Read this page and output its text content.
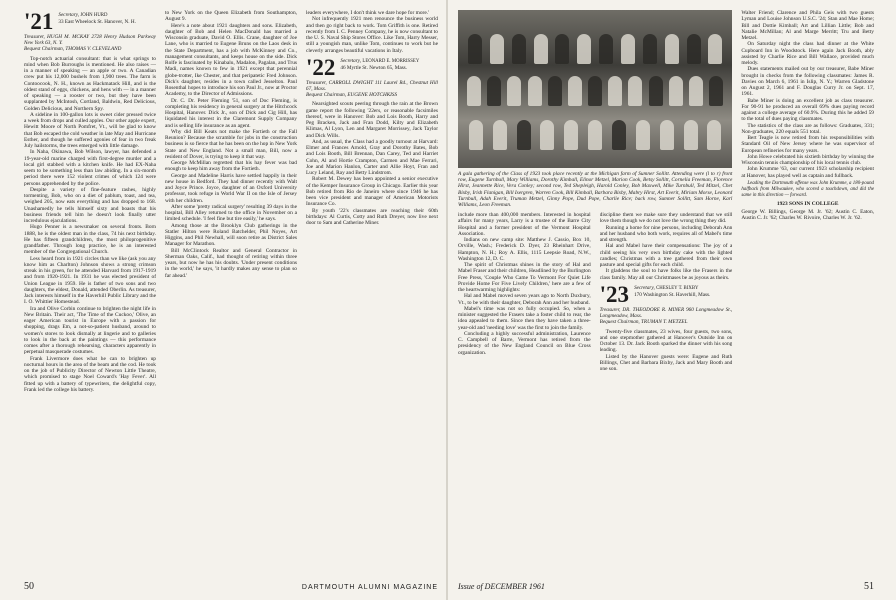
'21 Secretary, JOHN HURD
33 East Wheelock St. Hanover, N. H.
Treasurer, HUGH M. MCKAY 2728 Henry Hudson Parkway New York 63, N. Y.
Bequest Chairman, THOMAS V. CLEVELAND

Top-notch actuarial consultant: that is what springs to mind when Bob Burroughs is mentioned. He also raises — in a manner of speaking — an apple or two. A Canadian crew put his 12,000 bushels from 1,900 trees. The farm is Contoocook, N. H., known as Hackmatack Hill, and is the oldest stand of eggs, chickens, and hens with — in a manner of speaking — a rooster or two, but they have been supplanted by McIntosh, Cortland, Baldwin, Red Delicious, Golden Delicious, and Northern Spy.

A sideline in 100-gallon lots is sweet cider pressed twice a week from drops and culled apples. Our other apple expert, Hewitt Moore of North Pomfret, Vt., will be glad to know that Bob escaped the cold weather in late May and Hurricane Esther, and though he suffered agonies of fear in two freak July hailstorms, the trees emerged with little damage.

In Naha, Okinawa, Bob Wilson, lawyer, has defended a 19-year-old marine charged with first-degree murder and a local girl stabbed with a kitchen knife. He had EX-Naha seem to be something less than law abiding. In a six-month period there were 152 violent crimes of which 124 were persons apprehended by the police.

Despite a variety of fine-feature rashes, highly tormenting, Bob, who on a diet of pablum, toast, and tea, weighed 205, now eats everything and has dropped to 168. Unashamedly he tells himself sixty and boasts that his business friends tell him he doesn't look finally utter incredulous ejaculations.

Hugo Penner is a newsmaker on several fronts. Born 1888, he is the oldest man in the class, 74 his next birthday. He has fifteen grandchildren, the most philoprogenitive grandfather. Through long practice, he is an interested member of the Congregational Church.

Less heard from in 1921 circles than we like (ask you any know him as Charlton) Johnson shows a strong crimson streak in his green, for he attended Harvard from 1917-1919 and from 1920-1921. In 1931 he was elected president of Union League in 1959. He is father of two sons and two daughters, the eldest, Donald, attended Oberlin. As treasurer, Jack interests himself in the Haverhill Public Library and the I. O. Whittier Homestead.

Ira and Olive Corbin continue to brighten the night life in New Britain. Their act, 'The Time of the Cuckoo,' Olive, an eager American tourist in Europe with a passion for shopping, drags Em, a not-so-patient husband, around to women's stores to look dismally at lingerie and to galleries to look in the back at the paintings — this performance comes after a thorough rehearsing, characters apparently in perpetual masquerade costumes.

Frank Livermore does what he can to brighten up nocturnal hours in the area of the beam and the cod. He took on the job of Publicity Director of Newton Little Theatre, which promised to stage Noel Coward's 'Hay Fever'. All fitted up with a battery of typewriters, the delightful copy, Frank led the college his battery.

to New York on the Queen Elizabeth from Southampton, August 9.

Here's a note about 1921 daughters and sons. Elizabeth, daughter of Bob and Helen MacDonald has married a Wisconsin graduate, David O. Ellis. Crane, daughter of Joe Lane, who is married to Eugene Bruns on the Laos desk in the State Department, has a job with McKinney and Co., management consultants, and keeps house on the side. Dick Rolfe is fascinated by Kinabalu, Madalon, Pagalan, and Trus Madi, names known to few in 1921 except that perennial globe-trotter, Ike Chester, and that peripatetic Fred Johnson. Dick's daughter, resides in a town called Jesselton. Paul Rosenthal hopes to introduce his son Paul Jr., now at Proctor Academy, to the Director of Admissions.

Dr. C. Dr. Peter Fleming '51, son of Doc Fleming, is completing his residency in general surgery at the Hitchcock Hospital, Hanover. Dick Jr., son of Dick and Cig Hill, has liquidated his interest in the Claremont Supply Company and is selling life insurance as an agent.

Why did Bill Keats not make the Fortieth or the Fall Reunion? Because the scramble for jobs in the construction business is so fierce that he has been on the hop in New York State and New England. Not a small man, Bill, now a resident of Dover, is trying to keep it that way.

George McMillan regretted that his hay fever was bad enough to keep him away from the Fortieth.

George and Madeline Harris have settled happily in their new house in Bedford. They had dinner recently with Walt and Joyce Prince. Joyce, daughter of an Oxford University professor, took refuge in World War II on the Isle of Jersey with her children.

After some 'pretty radical surgery' resulting 39 days in the hospital, Bill Alley returned to the office in November on a limited schedule. 'I feel fine but tire easily,' he says.

Among those at the Brooklyn Club gatherings in the Statler Hilton were Roland Batchelder, Phil Noyes, Art Higgins, and Phil Newhall, will soon retire as District Sales Manager for Marathon.

Bill McClintock Realtor and General Contractor in Sherman Oaks, Calif., had thought of retiring within three years, but now he has his doubts. 'Under present conditions in the world,' he says, 'it hardly makes any sense to plan so far ahead.'

leaders everywhere, I don't think we dare hope for more.'

Not infrequently 1921 men renounce the business world and then go right back to work. Tom Griffith is one. Retired recently from I. C. Penney Company, he is now consultant to the U. S. Naval Ship Stores Office. Like Tom, Harry Messer, still a youngish man, unlike Tom, continues to work but he cleverly arranges beautiful vacations in Italy.

'22 Secretary, LEONARD E. MORRISSEY
46 Myrtle St. Newton 65, Mass.
Treasurer, CARROLL DWIGHT 111 Laurel Rd., Chestnut Hill 67, Mass.
Bequest Chairman, EUGENE HOTCHKISS

Nearsighted scouts peering through the rain at the Brown game report the following '22ers, or reasonable facsimiles thereof, were in Hanover: Bob and Lois Booth, Harry and Peg Bracken, Jack and Fran Dodd, Kilty and Elizabeth Klimas, Al Lyon, Len and Margaret Morrissey, Jack Taylor and Dick Wills.

And, as usual, the Class had a goodly turnout at Harvard: Elmer and Frances Arnold, Gray and Dorothy Bates, Bob and Lois Booth, Bill Brennan, Dan Carey, Ted and Harriet Cohn, Al and Hortie Crampton, Carmen and Mae Ferrari, Joe and Marion Hanlon, Carter and Allie Hoyt, Fran and Lucy Leland, Ray and Betty Lindstrom.

Robert M. Dewey has been appointed a senior executive of the Kemper Insurance Group in Chicago. Earlier this year Bob retired from Rio de Janeiro where since 1946 he has been vice president and manager of American Motorists Insurance Co.

By youth '22's classmates are reaching their 60th birthdays: Al Curtis, Cotty and Ruth Dreyer, now live next door to Sam and Catherine Miner.

50	DARTMOUTH ALUMNI MAGAZINE
A gala gathering of the Class of 1923 took place recently at the Michigan farm of Sumner Sollitt. Attending were (l to r) front row, Eugene Turnbull, Mary Williams, Dorothy Kimball, Elinor Metzel, Marion Cook, Betsy Sollitt, Cornelia Freeman, Florence Hirst, Jeannette Rice, Vera Conley; second row, Ted Shepleigh, Harold Conley, Bob Maxwell, Mike Turnbull, Ted Mitzel, Chet Bixby, Irish Flanigan, Bill Isergren, Warren Cook, Bill Kimball, Barbara Bixby, Mabry Hirst, Art Everit, Miriam Morse, Leonard Turnbull, Adah Everit, Truman Metzel, Ginny Pope, Dud Pope, Charlie Rice; back row, Sumner Sollitt, Sam Horne, Karl Williams, Leon Freeman.

include more than 400,000 members. Interested in hospital affairs for many years, Larry is a trustee of the Barre City Hospital and a former president of the Vermont Hospital Association.

Indians on new camp site: Matthew J. Cassio, Box 10, Orville, Wash.; Frederick D. Dyer, 23 Rheinhart Drive, Hampton, N. H.; Roy A. Ellis, 1115 Leepsie Road, N.W., Washington 12, D. C.

The spirit of Christmas shines in the story of Hal and Mabel Fraser and their children, Headlined by the Burlington Free Press, 'Couple Who Came To Vermont For Quiet Life Provide Home For Five Lively Children,' here are a few of the heartwarming highlights:

Hal and Mabel moved seven years ago to North Duxbury, Vt., to be with their daughter, Deborah Ann and her husband.

Mabel's time was not so fully occupied. So, when a minister suggested the Frasers take a foster child to rear, the idea appealed to them. Since then they have taken a three-year-old and 'needing love' was the first to join the family.

Concluding a highly successful administration, Laurence C. Campbell of Barre, Vermont has retired from the presidency of the New England Council on Blue Cross organization.

discipline them we make sure they understand that we still love them though we do not love the wrong thing they did.

Running a home for nine persons, including Deborah Ann and her husband who both work, requires all of Mabel's time and strength.

Hal and Mabel have their compensations: The joy of a child seeing his very own birthday cake with the lighted candles; Christmas with a tree gathered from their own pasture and special gifts for each child.

It gladdens the soul to have folks like the Frasers in the class family. May all our Christmases be as joyous as theirs.

'23 Secretary, CHESLEY T. BIXBY
170 Washington St. Haverhill, Mass.
Treasurer, DR. THEODORE R. MINER 960 Longmeadow St., Longmeadow, Mass.
Bequest Chairman, TRUMAN T. METZEL

Twenty-five classmates, 23 wives, four guests, two sons, and one stepmother gathered at Hanover's Outside Inn on October 13. Dr. Jack Booth sparked the dinner with his song leading.

Listed by the Hanover guests were: Eugene and Ruth Billings, Chet and Barbara Bixby, Jack and Mary Booth and one son.

Walter Friend; Clarence and Phila Geis with two guests Lyman and Louise Johnson U.S.C. '24; Stan and Mae Home; Bill and Dottie Kimball; Art and Lillian Little; Bob and Natalie McMillan; Al and Marge Merritt; Tru and Betty Metzel.

On Saturday night the class had dinner at the White Cupboard Inn in Woodstock. Here again Jack Booth, ably assisted by Charlie Rice and Bill Wallace, provided much melody.

Dues statements mailed out by our treasurer, Babe Miner brought in checks from the following classmates: James R. Davies on March 6, 1961 in Islip, N. Y.; Warren Gladstone on August 2, 1961 and F. Douglas Curry Jr. on Sept. 17, 1961.

Babe Miner is doing an excellent job as class treasurer. For 90-91 he produced an overall 69% dues paying record against a college average of 60.9%. During this he added 59 to the total of dues paying classmates.

The statistics of the class are as follows: Graduates, 331; Non-graduates, 220 equals 551 total.

Bert Teagle is now retired from his responsibilities with Standard Oil of New Jersey where he was supervisor of European refineries for many years.

John Howe celebrated his sixtieth birthday by winning the Wisconsin tennis championship of his local tennis club.

John Krumme '63, our current 1923 scholarship recipient at Hanover, has played well as captain and fullback.

Leading the Dartmouth offense was John Krumme, a 180-pound halfback from Milwaukee, who scored a touchdown, and did the same in this direction — forward.

1923 SONS IN COLLEGE

George W. Billings, George M. Jr. '62; Austin C. Eaton, Austin C. Jr. '62; Charles W. Rivoire, Charles W. Jr. '62.

Issue of DECEMBER 1961	51
